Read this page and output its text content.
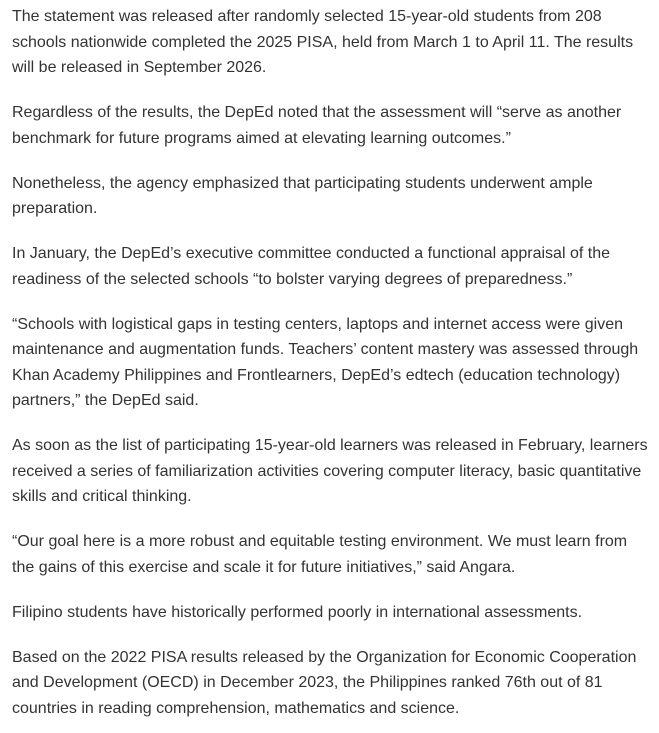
The statement was released after randomly selected 15-year-old students from 208 schools nationwide completed the 2025 PISA, held from March 1 to April 11. The results will be released in September 2026.

Regardless of the results, the DepEd noted that the assessment will “serve as another benchmark for future programs aimed at elevating learning outcomes.”

Nonetheless, the agency emphasized that participating students underwent ample preparation.

In January, the DepEd’s executive committee conducted a functional appraisal of the readiness of the selected schools “to bolster varying degrees of preparedness.”

“Schools with logistical gaps in testing centers, laptops and internet access were given maintenance and augmentation funds. Teachers’ content mastery was assessed through Khan Academy Philippines and Frontlearners, DepEd’s edtech (education technology) partners,” the DepEd said.

As soon as the list of participating 15-year-old learners was released in February, learners received a series of familiarization activities covering computer literacy, basic quantitative skills and critical thinking.

“Our goal here is a more robust and equitable testing environment. We must learn from the gains of this exercise and scale it for future initiatives,” said Angara.

Filipino students have historically performed poorly in international assessments.

Based on the 2022 PISA results released by the Organization for Economic Cooperation and Development (OECD) in December 2023, the Philippines ranked 76th out of 81 countries in reading comprehension, mathematics and science.
